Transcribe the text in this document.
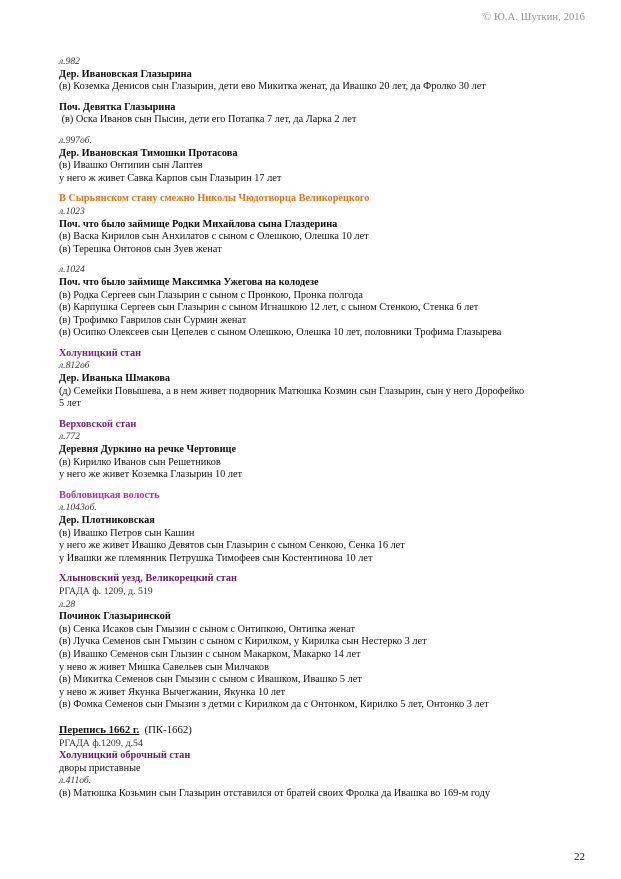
© Ю.А. Шуткин, 2016
л.982
Дер. Ивановская Глазырина
(в) Коземка Денисов сын Глазырин, дети ево Микитка женат, да Ивашко 20 лет, да Фролко 30 лет
Поч. Девятка Глазырина
(в) Оска Иванов сын Пысин, дети его Потапка 7 лет, да Ларка 2 лет
л.997об.
Дер. Ивановская Тимошки Протасова
(в) Ивашко Онтипин сын Лаптев
у него ж живет Савка Карпов сын Глазырин 17 лет
В Сырьянском стану смежно Николы Чюдотворца Великорецкого
л.1023
Поч. что было займище Родки Михайлова сына Глаздерина
(в) Васка Кирилов сын Анхилатов с сыном с Олешкою, Олешка 10 лет
(в) Терешка Онтонов сын Зуев женат
л.1024
Поч. что было займище Максимка Ужегова на колодезе
(в) Родка Сергеев сын Глазырин с сыном с Пронкою, Пронка полгода
(в) Карпушка Сергеев сын Глазырин с сыном Игнашкою 12 лет, с сыном Стенкою, Стенка 6 лет
(в) Трофимко Гаврилов сын Сурмин женат
(в) Осипко Олексеев сын Цепелев с сыном Олешкою, Олешка 10 лет, половники Трофима Глазырева
Холуницкий стан
л.812об
Дер. Иванька Шмакова
(д) Семейки Повышева, а в нем живет подворник Матюшка Козмин сын Глазырин, сын у него Дорофейко
5 лет
Верховской стан
л.772
Деревня Дуркино на речке Чертовице
(в) Кирилко Иванов сын Решетников
у него же живет Коземка Глазырин 10 лет
Вобловицкая волость
л.1043об.
Дер. Плотниковская
(в) Ивашко Петров сын Кашин
у него же живет Ивашко Девятов сын Глазырин с сыном Сенкою, Сенка 16 лет
у Ивашки же племянник Петрушка Тимофеев сын Костентинова 10 лет
Хлыновский уезд, Великорецкий стан
РГАДА ф. 1209, д. 519
л.28
Починок Глазыринской
(в) Сенка Исаков сын Гмызин с сыном с Онтипкою, Онтипка женат
(в) Лучка Семенов сын Гмызин с сыном с Кирилком, у Кирилка сын Нестерко 3 лет
(в) Ивашко Семенов сын Глызин с сыном Макарком, Макарко 14 лет
у нево ж живет Мишка Савельев сын Милчаков
(в) Микитка Семенов сын Гмызин с сыном с Ивашком, Ивашко 5 лет
у нево ж живет Якунка Вычегжанин, Якунка 10 лет
(в) Фомка Семенов сын Гмызин з детми с Кирилком да с Онтонком, Кирилко 5 лет, Онтонко 3 лет
Перепись 1662 г. (ПК-1662)
РГАДА ф.1209, д.54
Холуницкий оброчный стан
дворы приставные
л.411об.
(в) Матюшка Козьмин сын Глазырин отставился от братей своих Фролка да Ивашка во 169-м году
22
